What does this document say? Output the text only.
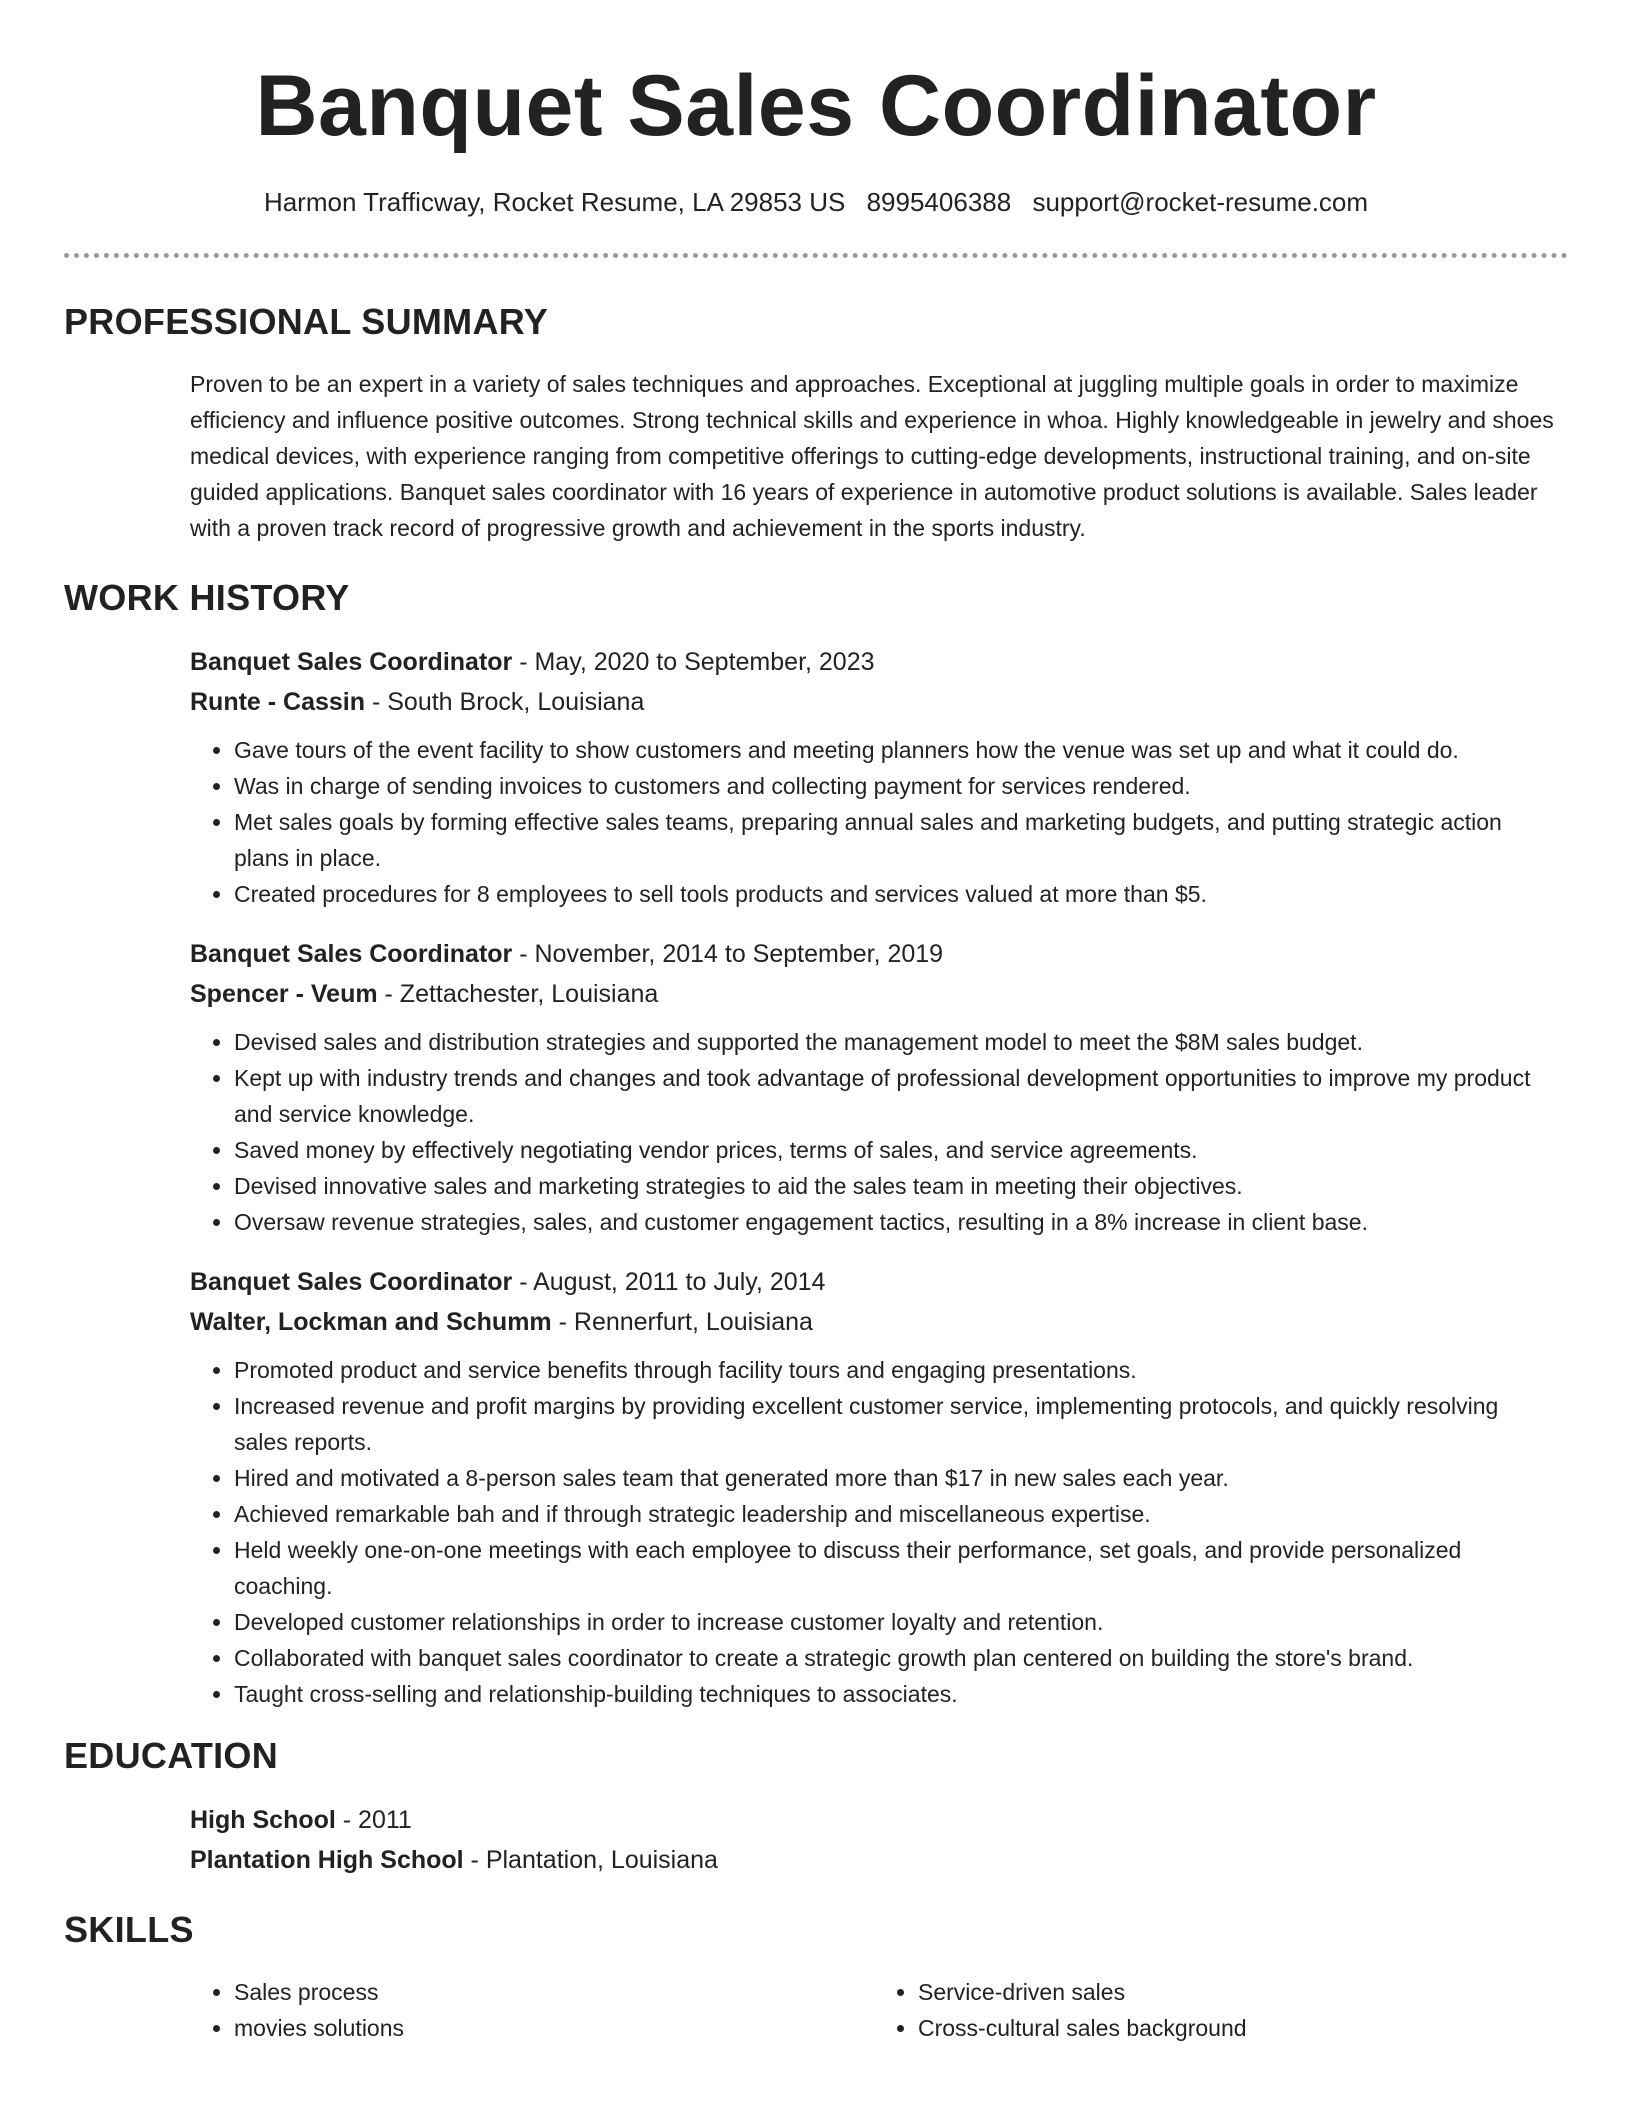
Banquet Sales Coordinator
Harmon Trafficway, Rocket Resume, LA 29853 US 8995406388 support@rocket-resume.com
PROFESSIONAL SUMMARY

Proven to be an expert in a variety of sales techniques and approaches. Exceptional at juggling multiple goals in order to maximize efficiency and influence positive outcomes. Strong technical skills and experience in whoa. Highly knowledgeable in jewelry and shoes medical devices, with experience ranging from competitive offerings to cutting-edge developments, instructional training, and on-site guided applications. Banquet sales coordinator with 16 years of experience in automotive product solutions is available. Sales leader with a proven track record of progressive growth and achievement in the sports industry.

WORK HISTORY
Banquet Sales Coordinator - May, 2020 to September, 2023
Runte - Cassin - South Brock, Louisiana
• Gave tours of the event facility to show customers and meeting planners how the venue was set up and what it could do.
• Was in charge of sending invoices to customers and collecting payment for services rendered.
• Met sales goals by forming effective sales teams, preparing annual sales and marketing budgets, and putting strategic action plans in place.
• Created procedures for 8 employees to sell tools products and services valued at more than $5.
Banquet Sales Coordinator - November, 2014 to September, 2019
Spencer - Veum - Zettachester, Louisiana
• Devised sales and distribution strategies and supported the management model to meet the $8M sales budget.
• Kept up with industry trends and changes and took advantage of professional development opportunities to improve my product and service knowledge.
• Saved money by effectively negotiating vendor prices, terms of sales, and service agreements.
• Devised innovative sales and marketing strategies to aid the sales team in meeting their objectives.
• Oversaw revenue strategies, sales, and customer engagement tactics, resulting in a 8% increase in client base.
Banquet Sales Coordinator - August, 2011 to July, 2014
Walter, Lockman and Schumm - Rennerfurt, Louisiana
• Promoted product and service benefits through facility tours and engaging presentations.
• Increased revenue and profit margins by providing excellent customer service, implementing protocols, and quickly resolving sales reports.
• Hired and motivated a 8-person sales team that generated more than $17 in new sales each year.
• Achieved remarkable bah and if through strategic leadership and miscellaneous expertise.
• Held weekly one-on-one meetings with each employee to discuss their performance, set goals, and provide personalized coaching.
• Developed customer relationships in order to increase customer loyalty and retention.
• Collaborated with banquet sales coordinator to create a strategic growth plan centered on building the store's brand.
• Taught cross-selling and relationship-building techniques to associates.
EDUCATION
High School - 2011
Plantation High School - Plantation, Louisiana
SKILLS
• Sales process
• movies solutions
• Service-driven sales
• Cross-cultural sales background
